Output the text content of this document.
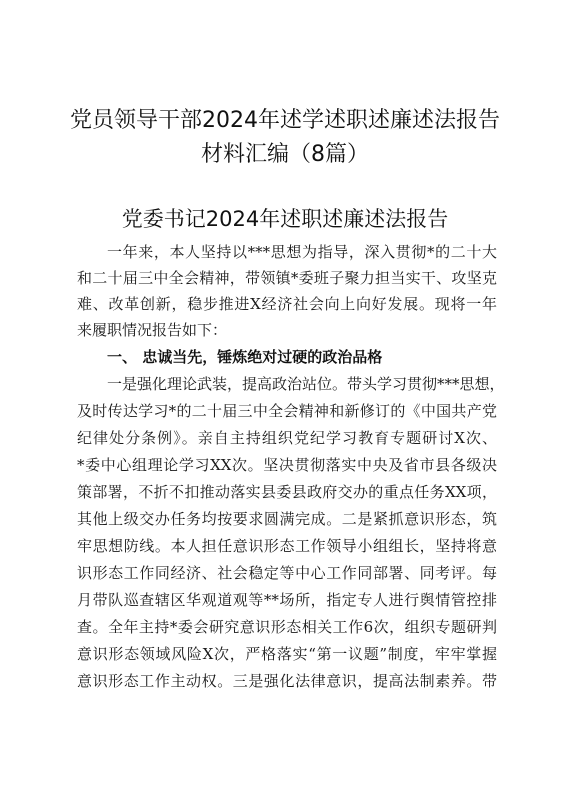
党员领导干部2024年述学述职述廉述法报告
材料汇编（8篇）
党委书记2024年述职述廉述法报告
一年来，本人坚持以***思想为指导，深入贯彻*的二十大
和二十届三中全会精神，带领镇*委班子聚力担当实干、攻坚克
难、改革创新，稳步推进X经济社会向上向好发展。现将一年
来履职情况报告如下：
一、 忠诚当先，锤炼绝对过硬的政治品格
一是强化理论武装，提高政治站位。带头学习贯彻***思想，
及时传达学习*的二十届三中全会精神和新修订的《中国共产党
纪律处分条例》。亲自主持组织党纪学习教育专题研讨X次、
*委中心组理论学习XX次。坚决贯彻落实中央及省市县各级决
策部署，不折不扣推动落实县委县政府交办的重点任务XX项，
其他上级交办任务均按要求圆满完成。二是紧抓意识形态，筑
牢思想防线。本人担任意识形态工作领导小组组长，坚持将意
识形态工作同经济、社会稳定等中心工作同部署、同考评。每
月带队巡查辖区华观道观等**场所，指定专人进行舆情管控排
查。全年主持*委会研究意识形态相关工作6次，组织专题研判
意识形态领域风险X次，严格落实“第一议题”制度，牢牢掌握
意识形态工作主动权。三是强化法律意识，提高法制素养。带
